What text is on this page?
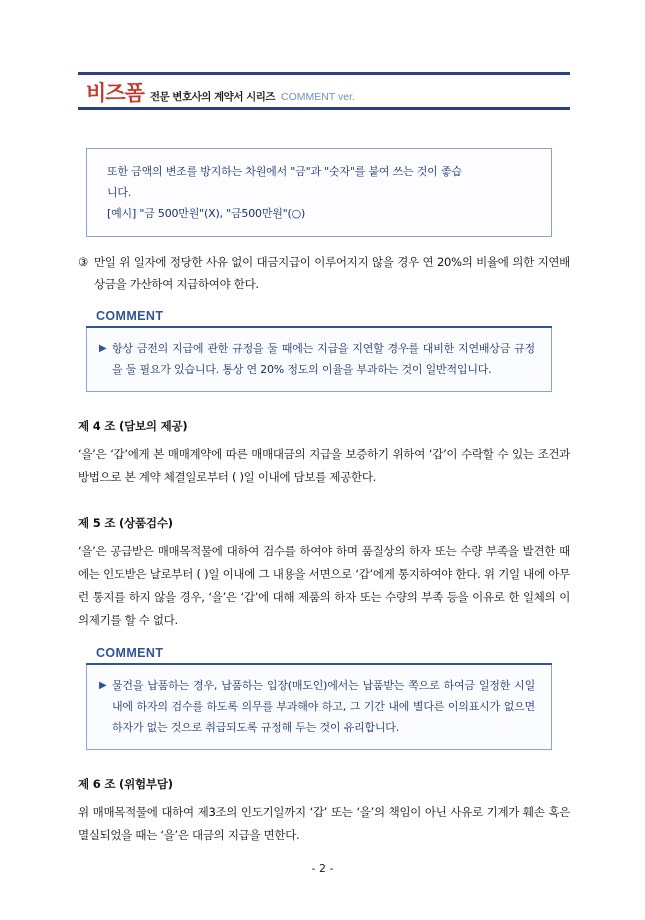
비즈폼 전문 변호사의 계약서 시리즈 COMMENT ver.
또한 금액의 변조를 방지하는 차원에서 "금"과 "숫자"를 붙여 쓰는 것이 좋습
니다.
[예시] "금 500만원"(X), "금500만원"(○)
③ 만일 위 일자에 정당한 사유 없이 대금지급이 이루어지지 않을 경우 연 20%의 비율에 의한 지연배상금을 가산하여 지급하여야 한다.
COMMENT
▶ 항상 금전의 지급에 관한 규정을 둘 때에는 지급을 지연할 경우를 대비한 지연배상금 규정을 둘 필요가 있습니다. 통상 연 20% 정도의 이율을 부과하는 것이 일반적입니다.
제 4 조 (담보의 제공)
‘을’은 ‘갑’에게 본 매매계약에 따른 매매대금의 지급을 보증하기 위하여 ‘갑’이 수락할 수 있는 조건과 방법으로 본 계약 체결일로부터 ( )일 이내에 담보를 제공한다.
제 5 조 (상품검수)
‘을’은 공급받은 매매목적물에 대하여 검수를 하여야 하며 품질상의 하자 또는 수량 부족을 발견한 때에는 인도받은 날로부터 ( )일 이내에 그 내용을 서면으로 ‘갑’에게 통지하여야 한다. 위 기일 내에 아무런 통지를 하지 않을 경우, ‘을’은 ‘갑’에 대해 제품의 하자 또는 수량의 부족 등을 이유로 한 일체의 이의제기를 할 수 없다.
COMMENT
▶ 물건을 납품하는 경우, 납품하는 입장(매도인)에서는 납품받는 쪽으로 하여금 일정한 시일 내에 하자의 검수를 하도록 의무를 부과해야 하고, 그 기간 내에 별다른 이의표시가 없으면 하자가 없는 것으로 취급되도록 규정해 두는 것이 유리합니다.
제 6 조 (위험부담)
위 매매목적물에 대하여 제3조의 인도기일까지 ‘갑’ 또는 ‘을’의 책임이 아닌 사유로 기계가 훼손 혹은 멸실되었을 때는 ‘을’은 대금의 지급을 면한다.
- 2 -
